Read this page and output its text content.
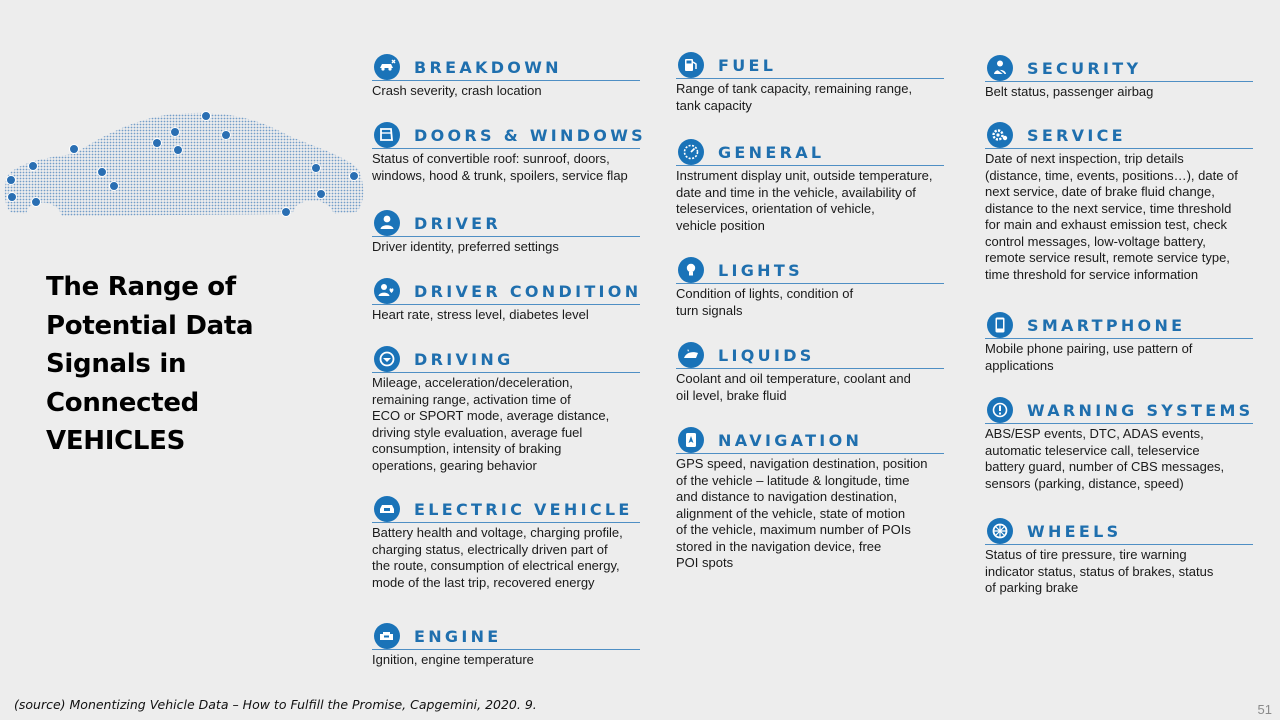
The Range of
Potential Data
Signals in
Connected
VEHICLES
BREAKDOWN
Crash severity, crash location
DOORS & WINDOWS
Status of convertible roof: sunroof, doors,
windows, hood & trunk, spoilers, service flap
DRIVER
Driver identity, preferred settings
DRIVER CONDITION
Heart rate, stress level, diabetes level
DRIVING
Mileage, acceleration/deceleration,
remaining range, activation time of
ECO or SPORT mode, average distance,
driving style evaluation, average fuel
consumption, intensity of braking
operations, gearing behavior
ELECTRIC VEHICLE
Battery health and voltage, charging profile,
charging status, electrically driven part of
the route, consumption of electrical energy,
mode of the last trip, recovered energy
ENGINE
Ignition, engine temperature
FUEL
Range of tank capacity, remaining range,
tank capacity
GENERAL
Instrument display unit, outside temperature,
date and time in the vehicle, availability of
teleservices, orientation of vehicle,
vehicle position
LIGHTS
Condition of lights, condition of
turn signals
LIQUIDS
Coolant and oil temperature, coolant and
oil level, brake fluid
NAVIGATION
GPS speed, navigation destination, position
of the vehicle – latitude & longitude, time
and distance to navigation destination,
alignment of the vehicle, state of motion
of the vehicle, maximum number of POIs
stored in the navigation device, free
POI spots
SECURITY
Belt status, passenger airbag
SERVICE
Date of next inspection, trip details
(distance, time, events, positions…), date of
next service, date of brake fluid change,
distance to the next service, time threshold
for main and exhaust emission test, check
control messages, low-voltage battery,
remote service result, remote service type,
time threshold for service information
SMARTPHONE
Mobile phone pairing, use pattern of
applications
WARNING SYSTEMS
ABS/ESP events, DTC, ADAS events,
automatic teleservice call, teleservice
battery guard, number of CBS messages,
sensors (parking, distance, speed)
WHEELS
Status of tire pressure, tire warning
indicator status, status of brakes, status
of parking brake
(source) Monentizing Vehicle Data – How to Fulfill the Promise, Capgemini, 2020. 9.	51
